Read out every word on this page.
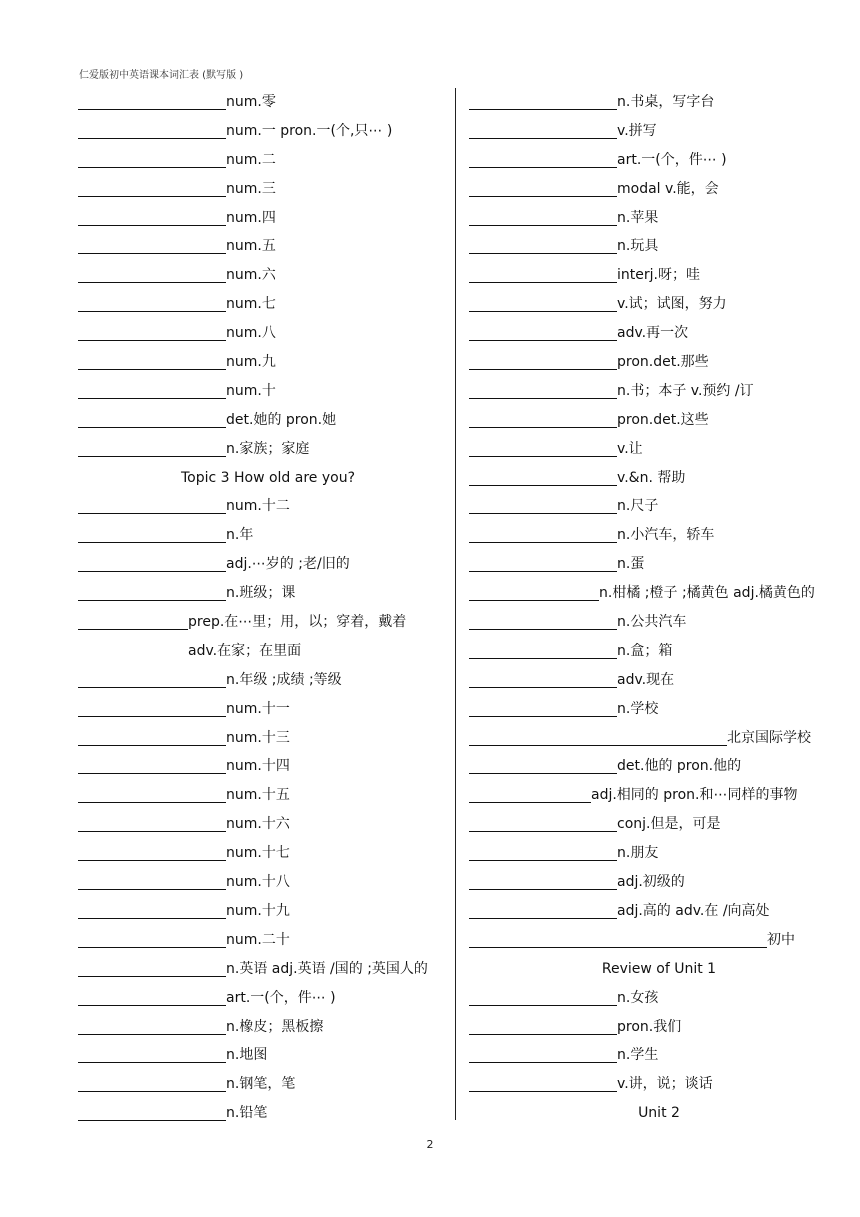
仁爱版初中英语课本词汇表 (默写版 )
num.零
num.一 pron.一(个,只⋯ )
num.二
num.三
num.四
num.五
num.六
num.七
num.八
num.九
num.十
det.她的 pron.她
n.家族；家庭
Topic 3 How old are you?
num.十二
n.年
adj.⋯岁的 ;老/旧的
n.班级；课
prep.在⋯里；用，以；穿着，戴着
adv.在家；在里面
n.年级 ;成绩 ;等级
num.十一
num.十三
num.十四
num.十五
num.十六
num.十七
num.十八
num.十九
num.二十
n.英语 adj.英语 /国的 ;英国人的
art.一(个，件⋯ )
n.橡皮；黑板擦
n.地图
n.钢笔，笔
n.铅笔
n.书桌，写字台
v.拼写
art.一(个，件⋯ )
modal v.能，会
n.苹果
n.玩具
interj.呀；哇
v.试；试图，努力
adv.再一次
pron.det.那些
n.书；本子 v.预约 /订
pron.det.这些
v.让
v.&n. 帮助
n.尺子
n.小汽车，轿车
n.蛋
n.柑橘 ;橙子 ;橘黄色 adj.橘黄色的
n.公共汽车
n.盒；箱
adv.现在
n.学校
北京国际学校
det.他的 pron.他的
adj.相同的 pron.和⋯同样的事物
conj.但是，可是
n.朋友
adj.初级的
adj.高的 adv.在 /向高处
初中
Review of Unit 1
n.女孩
pron.我们
n.学生
v.讲，说；谈话
Unit 2
2
